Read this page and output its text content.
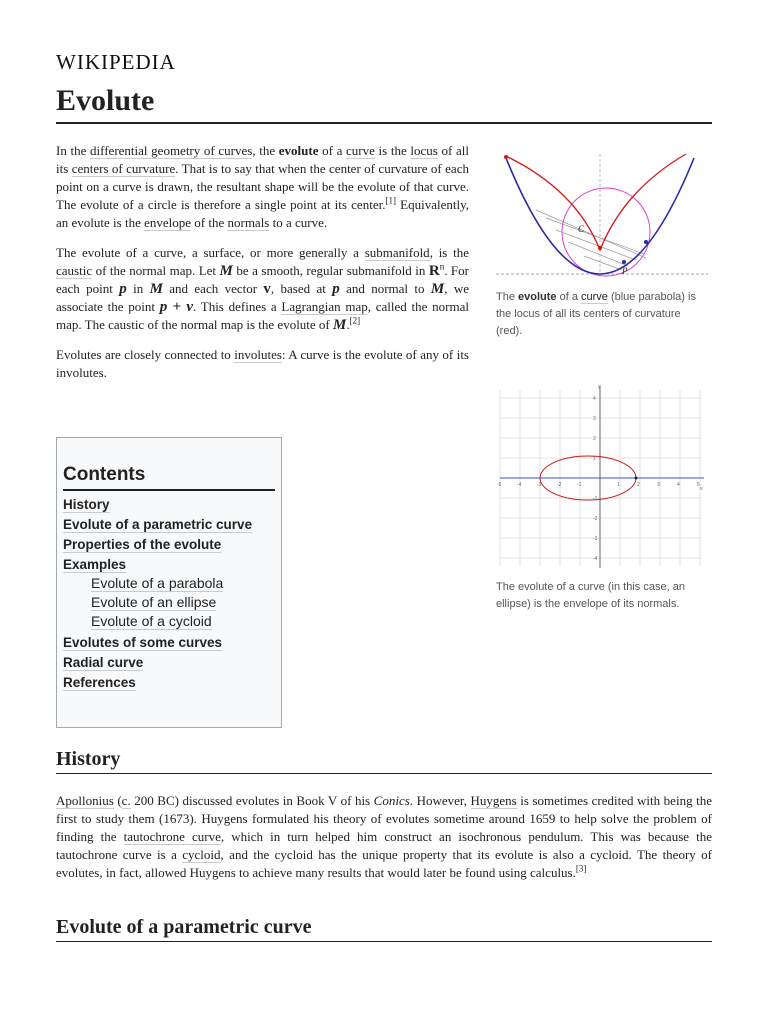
WIKIPEDIA
Evolute

In the differential geometry of curves, the evolute of a curve is the locus of all its centers of curvature. That is to say that when the center of curvature of each point on a curve is drawn, the resultant shape will be the evolute of that curve. The evolute of a circle is therefore a single point at its center.[1] Equivalently, an evolute is the envelope of the normals to a curve.

The evolute of a curve, a surface, or more generally a submanifold, is the caustic of the normal map. Let M be a smooth, regular submanifold in $R^n$. For each point p in M and each vector v, based at p and normal to M, we associate the point p + v. This defines a Lagrangian map, called the normal map. The caustic of the normal map is the evolute of M.[2]

Evolutes are closely connected to involutes: A curve is the evolute of any of its involutes.

Contents
History
Evolute of a parametric curve
Properties of the evolute
Examples
Evolute of a parabola
Evolute of an ellipse
Evolute of a cycloid
Evolutes of some curves
Radial curve
References
C
P
The evolute of a curve (blue parabola) is the locus of all its centers of curvature (red).
-5	-4	-3	-2	-1	1	2	3	4	5
4
3
2
1
-1
-2
-3
-4
x
y
The evolute of a curve (in this case, an ellipse) is the envelope of its normals.
History
Apollonius (c. 200 BC) discussed evolutes in Book V of his Conics. However, Huygens is sometimes credited with being the first to study them (1673). Huygens formulated his theory of evolutes sometime around 1659 to help solve the problem of finding the tautochrone curve, which in turn helped him construct an isochronous pendulum. This was because the tautochrone curve is a cycloid, and the cycloid has the unique property that its evolute is also a cycloid. The theory of evolutes, in fact, allowed Huygens to achieve many results that would later be found using calculus.[3]
Evolute of a parametric curve
